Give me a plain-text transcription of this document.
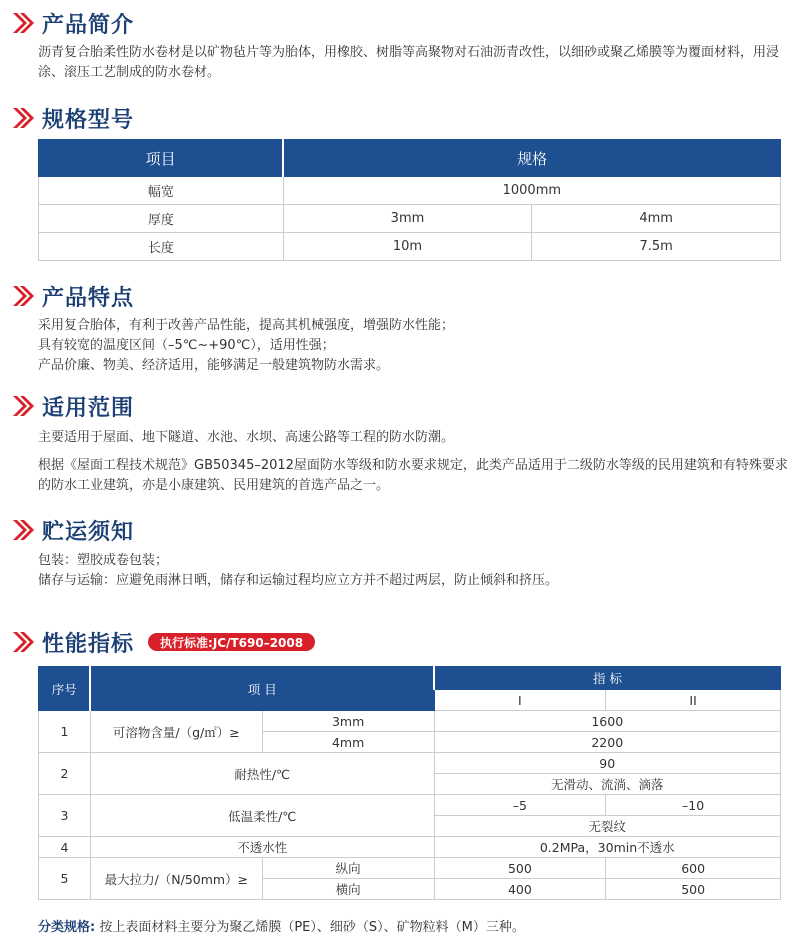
产品简介

沥青复合胎柔性防水卷材是以矿物毡片等为胎体，用橡胶、树脂等高聚物对石油沥青改性，以细砂或聚乙烯膜等为覆面材料，用浸涂、滚压工艺制成的防水卷材。

规格型号
项目	规格	
幅宽	1000mm	
厚度	3mm	4mm
长度	10m	7.5m
产品特点
采用复合胎体，有利于改善产品性能，提高其机械强度，增强防水性能；
具有较宽的温度区间（–5℃~+90℃），适用性强；
产品价廉、物美、经济适用，能够满足一般建筑物防水需求。
适用范围

主要适用于屋面、地下隧道、水池、水坝、高速公路等工程的防水防潮。

根据《屋面工程技术规范》GB50345–2012屋面防水等级和防水要求规定，此类产品适用于二级防水等级的民用建筑和有特殊要求的防水工业建筑，亦是小康建筑、民用建筑的首选产品之一。

贮运须知
包装：塑胶成卷包装；
储存与运输：应避免雨淋日晒，储存和运输过程均应立方并不超过两层，防止倾斜和挤压。
性能指标	执行标准:JC/T690–2008
序号	项 目		指 标	
			I	II
1	可溶物含量/（g/㎡）≥	3mm	1600	
		4mm	2200	
2	耐热性/℃		90	
			无滑动、流淌、滴落	
3	低温柔性/℃		–5	–10
			无裂纹	
4	不透水性		0.2MPa，30min不透水	
5	最大拉力/（N/50mm）≥	纵向	500	600
		横向	400	500
分类规格: 按上表面材料主要分为聚乙烯膜（PE）、细砂（S）、矿物粒料（M）三种。
